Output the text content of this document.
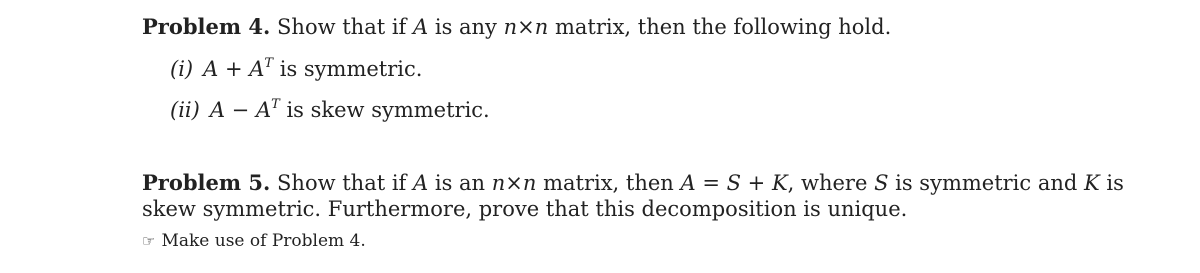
Problem 4. Show that if A is any n×n matrix, then the following hold.
(i) $A + A^T$ is symmetric.
(ii) $A - A^T$ is skew symmetric.
Problem 5. Show that if A is an n×n matrix, then A = S + K, where S is symmetric and K is
skew symmetric. Furthermore, prove that this decomposition is unique.
☞ Make use of Problem 4.
